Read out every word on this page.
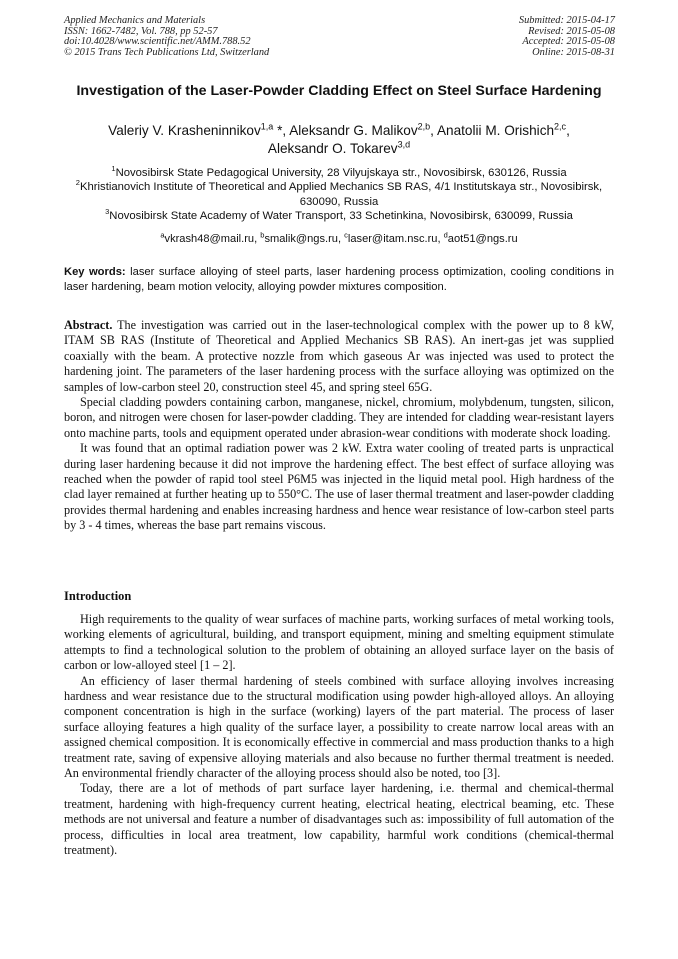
Applied Mechanics and Materials
ISSN: 1662-7482, Vol. 788, pp 52-57
doi:10.4028/www.scientific.net/AMM.788.52
© 2015 Trans Tech Publications Ltd, Switzerland
Submitted: 2015-04-17
Revised: 2015-05-08
Accepted: 2015-05-08
Online: 2015-08-31
Investigation of the Laser-Powder Cladding Effect on Steel Surface Hardening
Valeriy V. Krasheninnikov$^{1,a}$ *, Aleksandr G. Malikov$^{2,b}$, Anatolii M. Orishich$^{2,c}$,
Aleksandr O. Tokarev$^{3,d}$
$^1$Novosibirsk State Pedagogical University, 28 Vilyujskaya str., Novosibirsk, 630126, Russia
$^2$Khristianovich Institute of Theoretical and Applied Mechanics SB RAS, 4/1 Institutskaya str., Novosibirsk, 630090, Russia
$^3$Novosibirsk State Academy of Water Transport, 33 Schetinkina, Novosibirsk, 630099, Russia
$^a$vkrash48@mail.ru, $^b$smalik@ngs.ru, $^c$laser@itam.nsc.ru, $^d$aot51@ngs.ru
Key words: laser surface alloying of steel parts, laser hardening process optimization, cooling conditions in laser hardening, beam motion velocity, alloying powder mixtures composition.

Abstract. The investigation was carried out in the laser-technological complex with the power up to 8 kW, ITAM SB RAS (Institute of Theoretical and Applied Mechanics SB RAS). An inert-gas jet was supplied coaxially with the beam. A protective nozzle from which gaseous Ar was injected was used to protect the hardening joint. The parameters of the laser hardening process with the surface alloying was optimized on the samples of low-carbon steel 20, construction steel 45, and spring steel 65G.

Special cladding powders containing carbon, manganese, nickel, chromium, molybdenum, tungsten, silicon, boron, and nitrogen were chosen for laser-powder cladding. They are intended for cladding wear-resistant layers onto machine parts, tools and equipment operated under abrasion-wear conditions with moderate shock loading.

It was found that an optimal radiation power was 2 kW. Extra water cooling of treated parts is unpractical during laser hardening because it did not improve the hardening effect. The best effect of surface alloying was reached when the powder of rapid tool steel P6M5 was injected in the liquid metal pool. High hardness of the clad layer remained at further heating up to 550°C. The use of laser thermal treatment and laser-powder cladding provides thermal hardening and enables increasing hardness and hence wear resistance of low-carbon steel parts by 3 - 4 times, whereas the base part remains viscous.

Introduction

High requirements to the quality of wear surfaces of machine parts, working surfaces of metal working tools, working elements of agricultural, building, and transport equipment, mining and smelting equipment stimulate attempts to find a technological solution to the problem of obtaining an alloyed surface layer on the basis of carbon or low-alloyed steel [1 – 2].

An efficiency of laser thermal hardening of steels combined with surface alloying involves increasing hardness and wear resistance due to the structural modification using powder high-alloyed alloys. An alloying component concentration is high in the surface (working) layers of the part material. The process of laser surface alloying features a high quality of the surface layer, a possibility to create narrow local areas with an assigned chemical composition. It is economically effective in commercial and mass production thanks to a high treatment rate, saving of expensive alloying materials and also because no further thermal treatment is needed. An environmental friendly character of the alloying process should also be noted, too [3].

Today, there are a lot of methods of part surface layer hardening, i.e. thermal and chemical-thermal treatment, hardening with high-frequency current heating, electrical heating, electrical beaming, etc. These methods are not universal and feature a number of disadvantages such as: impossibility of full automation of the process, difficulties in local area treatment, low capability, harmful work conditions (chemical-thermal treatment).
